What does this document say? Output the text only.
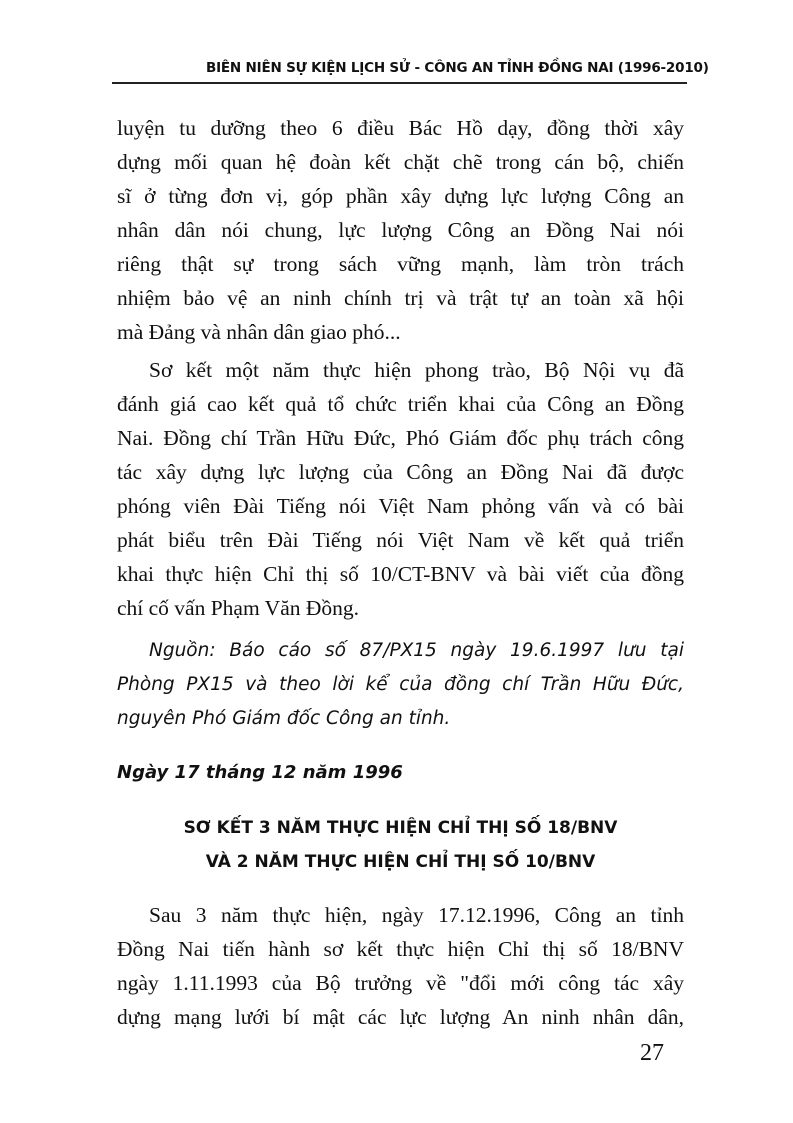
BIÊN NIÊN SỰ KIỆN LỊCH SỬ - CÔNG AN TỈNH ĐỒNG NAI (1996-2010)
luyện tu dưỡng theo 6 điều Bác Hồ dạy, đồng thời xây
dựng mối quan hệ đoàn kết chặt chẽ trong cán bộ, chiến
sĩ ở từng đơn vị, góp phần xây dựng lực lượng Công an
nhân dân nói chung, lực lượng Công an Đồng Nai nói
riêng thật sự trong sách vững mạnh, làm tròn trách
nhiệm bảo vệ an ninh chính trị và trật tự an toàn xã hội
mà Đảng và nhân dân giao phó...
Sơ kết một năm thực hiện phong trào, Bộ Nội vụ đã
đánh giá cao kết quả tổ chức triển khai của Công an Đồng
Nai. Đồng chí Trần Hữu Đức, Phó Giám đốc phụ trách công
tác xây dựng lực lượng của Công an Đồng Nai đã được
phóng viên Đài Tiếng nói Việt Nam phỏng vấn và có bài
phát biểu trên Đài Tiếng nói Việt Nam về kết quả triển
khai thực hiện Chỉ thị số 10/CT-BNV và bài viết của đồng
chí cố vấn Phạm Văn Đồng.
Nguồn: Báo cáo số 87/PX15 ngày 19.6.1997 lưu tại
Phòng PX15 và theo lời kể của đồng chí Trần Hữu Đức,
nguyên Phó Giám đốc Công an tỉnh.
Ngày 17 tháng 12 năm 1996
SƠ KẾT 3 NĂM THỰC HIỆN CHỈ THỊ SỐ 18/BNV
VÀ 2 NĂM THỰC HIỆN CHỈ THỊ SỐ 10/BNV
Sau 3 năm thực hiện, ngày 17.12.1996, Công an tỉnh
Đồng Nai tiến hành sơ kết thực hiện Chỉ thị số 18/BNV
ngày 1.11.1993 của Bộ trưởng về "đổi mới công tác xây
dựng mạng lưới bí mật các lực lượng An ninh nhân dân,
27
